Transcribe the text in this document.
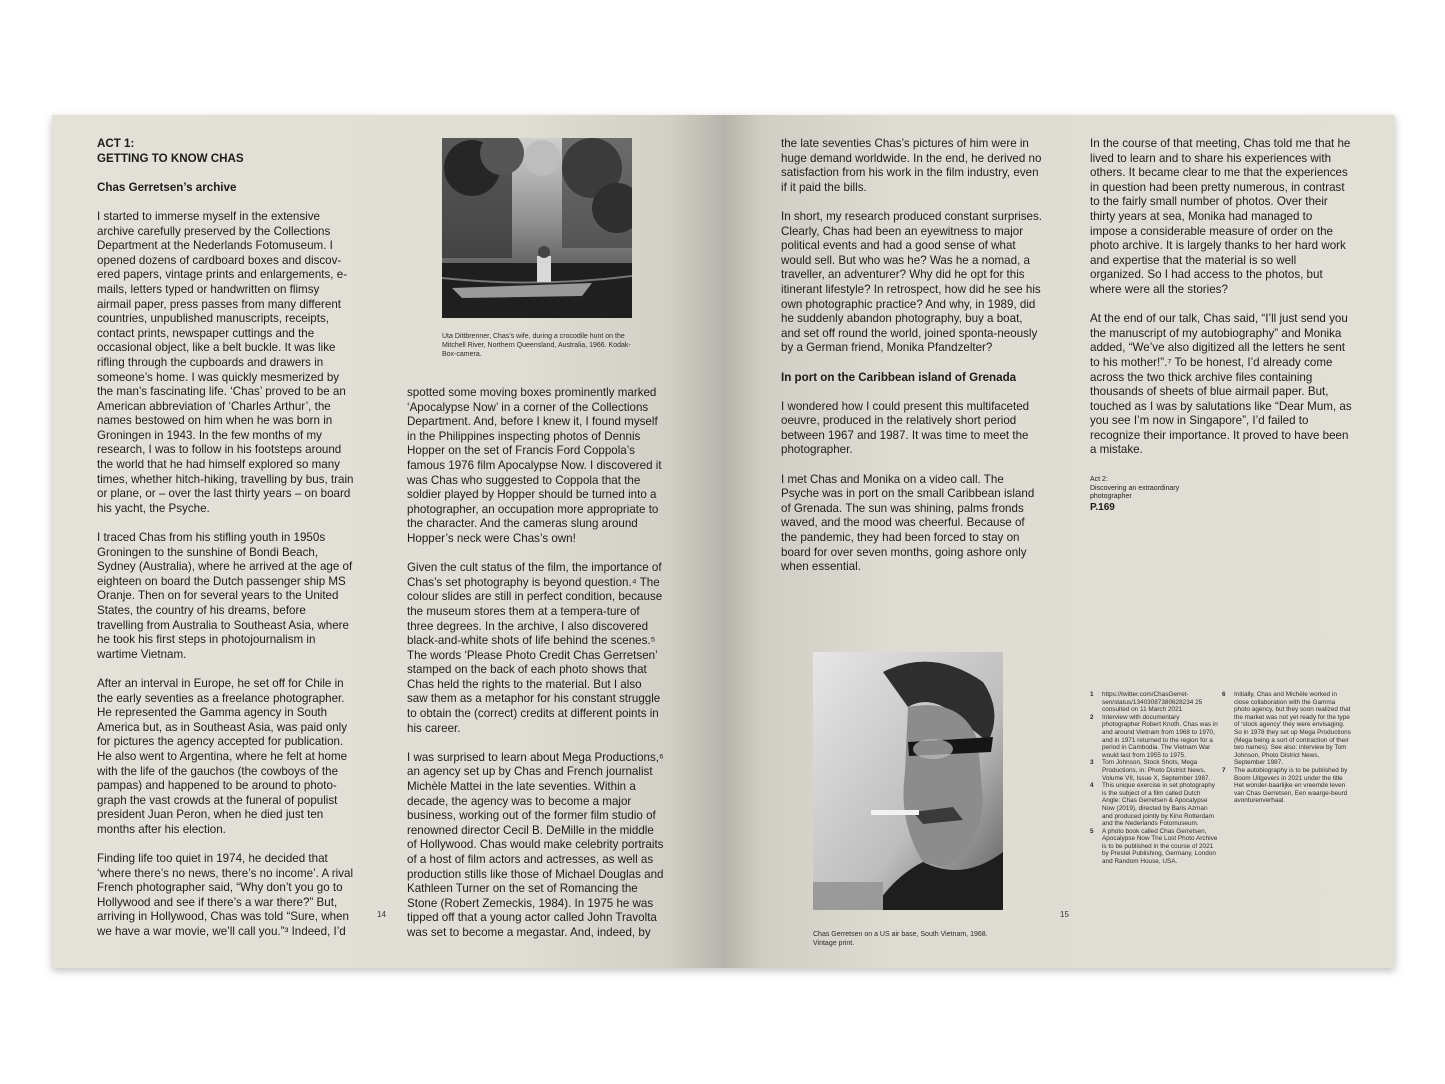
ACT 1:
GETTING TO KNOW CHAS
Chas Gerretsen’s archive

I started to immerse myself in the extensive archive carefully preserved by the Collections Department at the Nederlands Fotomuseum. I opened dozens of cardboard boxes and discov-ered papers, vintage prints and enlargements, e-mails, letters typed or handwritten on flimsy airmail paper, press passes from many different countries, unpublished manuscripts, receipts, contact prints, newspaper cuttings and the occasional object, like a belt buckle. It was like rifling through the cupboards and drawers in someone’s home. I was quickly mesmerized by the man’s fascinating life. ‘Chas’ proved to be an American abbreviation of ‘Charles Arthur’, the names bestowed on him when he was born in Groningen in 1943. In the few months of my research, I was to follow in his footsteps around the world that he had himself explored so many times, whether hitch-hiking, travelling by bus, train or plane, or – over the last thirty years – on board his yacht, the Psyche.

I traced Chas from his stifling youth in 1950s Groningen to the sunshine of Bondi Beach, Sydney (Australia), where he arrived at the age of eighteen on board the Dutch passenger ship MS Oranje. Then on for several years to the United States, the country of his dreams, before travelling from Australia to Southeast Asia, where he took his first steps in photojournalism in wartime Vietnam.

After an interval in Europe, he set off for Chile in the early seventies as a freelance photographer. He represented the Gamma agency in South America but, as in Southeast Asia, was paid only for pictures the agency accepted for publication. He also went to Argentina, where he felt at home with the life of the gauchos (the cowboys of the pampas) and happened to be around to photo-graph the vast crowds at the funeral of populist president Juan Peron, when he died just ten months after his election.

Finding life too quiet in 1974, he decided that ‘where there’s no news, there’s no income’. A rival French photographer said, “Why don’t you go to Hollywood and see if there’s a war there?” But, arriving in Hollywood, Chas was told “Sure, when we have a war movie, we’ll call you.”³ Indeed, I’d

Uta Dittbrenner, Chas’s wife, during a crocodile hunt on the Mitchell River, Northern Queensland, Australia, 1966. Kodak-Box-camera.

spotted some moving boxes prominently marked ‘Apocalypse Now’ in a corner of the Collections Department. And, before I knew it, I found myself in the Philippines inspecting photos of Dennis Hopper on the set of Francis Ford Coppola’s famous 1976 film Apocalypse Now. I discovered it was Chas who suggested to Coppola that the soldier played by Hopper should be turned into a photographer, an occupation more appropriate to the character. And the cameras slung around Hopper’s neck were Chas’s own!

Given the cult status of the film, the importance of Chas’s set photography is beyond question.⁴ The colour slides are still in perfect condition, because the museum stores them at a tempera-ture of three degrees. In the archive, I also discovered black-and-white shots of life behind the scenes.⁵ The words ‘Please Photo Credit Chas Gerretsen’ stamped on the back of each photo shows that Chas held the rights to the material. But I also saw them as a metaphor for his constant struggle to obtain the (correct) credits at different points in his career.

I was surprised to learn about Mega Productions,⁶ an agency set up by Chas and French journalist Michèle Mattei in the late seventies. Within a decade, the agency was to become a major business, working out of the former film studio of renowned director Cecil B. DeMille in the middle of Hollywood. Chas would make celebrity portraits of a host of film actors and actresses, as well as production stills like those of Michael Douglas and Kathleen Turner on the set of Romancing the Stone (Robert Zemeckis, 1984). In 1975 he was tipped off that a young actor called John Travolta was set to become a megastar. And, indeed, by

14

the late seventies Chas’s pictures of him were in huge demand worldwide. In the end, he derived no satisfaction from his work in the film industry, even if it paid the bills.

In short, my research produced constant surprises. Clearly, Chas had been an eyewitness to major political events and had a good sense of what would sell. But who was he? Was he a nomad, a traveller, an adventurer? Why did he opt for this itinerant lifestyle? In retrospect, how did he see his own photographic practice? And why, in 1989, did he suddenly abandon photography, buy a boat, and set off round the world, joined sponta-neously by a German friend, Monika Pfandzelter?

In port on the Caribbean island of Grenada

I wondered how I could present this multifaceted oeuvre, produced in the relatively short period between 1967 and 1987. It was time to meet the photographer.

I met Chas and Monika on a video call. The Psyche was in port on the small Caribbean island of Grenada. The sun was shining, palms fronds waved, and the mood was cheerful. Because of the pandemic, they had been forced to stay on board for over seven months, going ashore only when essential.

In the course of that meeting, Chas told me that he lived to learn and to share his experiences with others. It became clear to me that the experiences in question had been pretty numerous, in contrast to the fairly small number of photos. Over their thirty years at sea, Monika had managed to impose a considerable measure of order on the photo archive. It is largely thanks to her hard work and expertise that the material is so well organized. So I had access to the photos, but where were all the stories?

At the end of our talk, Chas said, “I’ll just send you the manuscript of my autobiography” and Monika added, “We’ve also digitized all the letters he sent to his mother!”.⁷ To be honest, I’d already come across the two thick archive files containing thousands of sheets of blue airmail paper. But, touched as I was by salutations like “Dear Mum, as you see I’m now in Singapore”, I’d failed to recognize their importance. It proved to have been a mistake.

Act 2:
Discovering an extraordinary photographer
P.169
Chas Gerretsen on a US air base, South Vietnam, 1968. Vintage print.
15
1	https://twitter.com/ChasGerret-sen/status/13403087380628234 25 consulted on 11 March 2021
2	Interview with documentary photographer Robert Knoth. Chas was in and around Vietnam from 1968 to 1970, and in 1971 returned to the region for a period in Cambodia. The Vietnam War would last from 1955 to 1975.
3	Tom Johnson, Stock Shots, Mega Productions, in: Photo District News, Volume VII, Issue X, September 1987.
4	This unique exercise in set photography is the subject of a film called Dutch Angle: Chas Gerretsen & Apocalypse Now (2019), directed by Baris Azman and produced jointly by Kino Rotterdam and the Nederlands Fotomuseum.
5	A photo book called Chas Gerretsen, Apocalypse Now The Lost Photo Archive is to be published in the course of 2021 by Prestel Publishing, Germany, London and Random House, USA.
6	Initially, Chas and Michèle worked in close collaboration with the Gamma photo agency, but they soon realized that the market was not yet ready for the type of ‘stock agency’ they were envisaging. So in 1978 they set up Mega Productions (Mega being a sort of contraction of their two names). See also: interview by Tom Johnson, Photo District News, September 1987.
7	The autobiography is to be published by Boom Uitgevers in 2021 under the title Het wonder-baarlijke en vreemde leven van Chas Gerretsen, Een waarge-beurd avonturenverhaal.
